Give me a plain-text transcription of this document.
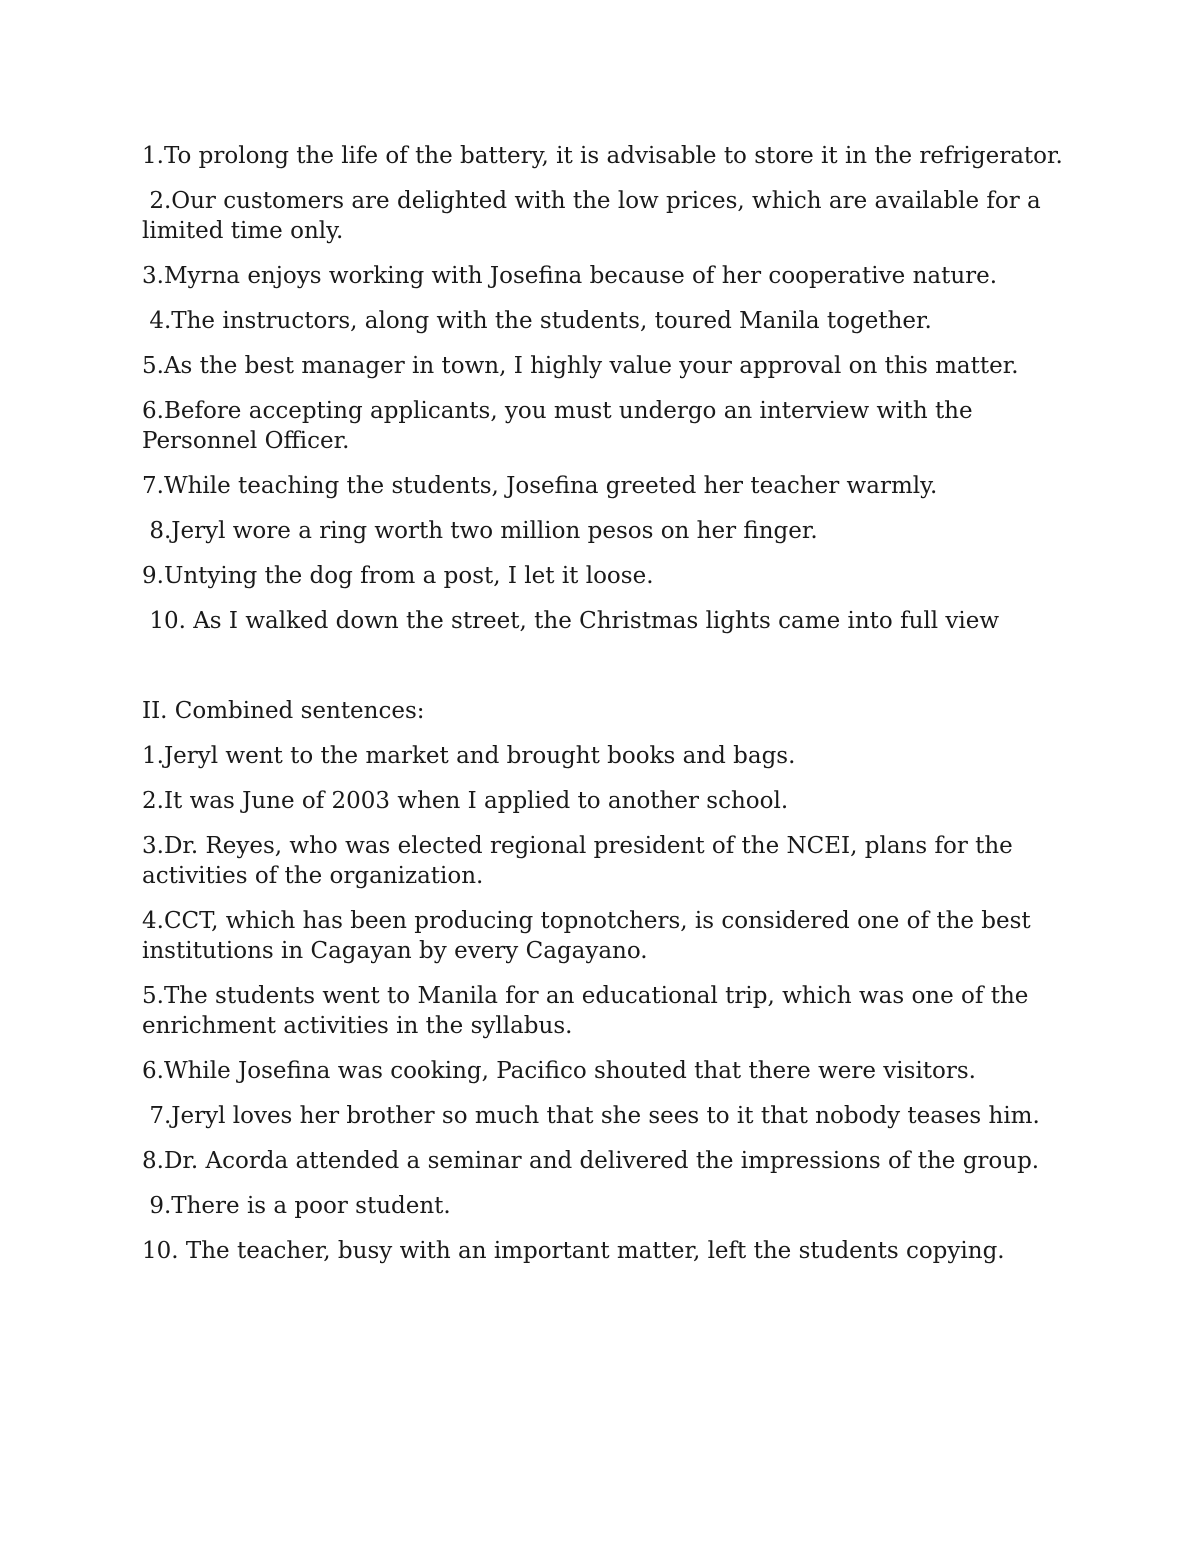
1.To prolong the life of the battery, it is advisable to store it in the refrigerator.

2.Our customers are delighted with the low prices, which are available for a limited time only.

3.Myrna enjoys working with Josefina because of her cooperative nature.

4.The instructors, along with the students, toured Manila together.

5.As the best manager in town, I highly value your approval on this matter.

6.Before accepting applicants, you must undergo an interview with the Personnel Officer.

7.While teaching the students, Josefina greeted her teacher warmly.

8.Jeryl wore a ring worth two million pesos on her finger.

9.Untying the dog from a post, I let it loose.

10. As I walked down the street, the Christmas lights came into full view

II. Combined sentences:

1.Jeryl went to the market and brought books and bags.

2.It was June of 2003 when I applied to another school.

3.Dr. Reyes, who was elected regional president of the NCEI, plans for the activities of the organization.

4.CCT, which has been producing topnotchers, is considered one of the best institutions in Cagayan by every Cagayano.

5.The students went to Manila for an educational trip, which was one of the enrichment activities in the syllabus.

6.While Josefina was cooking, Pacifico shouted that there were visitors.

7.Jeryl loves her brother so much that she sees to it that nobody teases him.

8.Dr. Acorda attended a seminar and delivered the impressions of the group.

9.There is a poor student.

10. The teacher, busy with an important matter, left the students copying.
